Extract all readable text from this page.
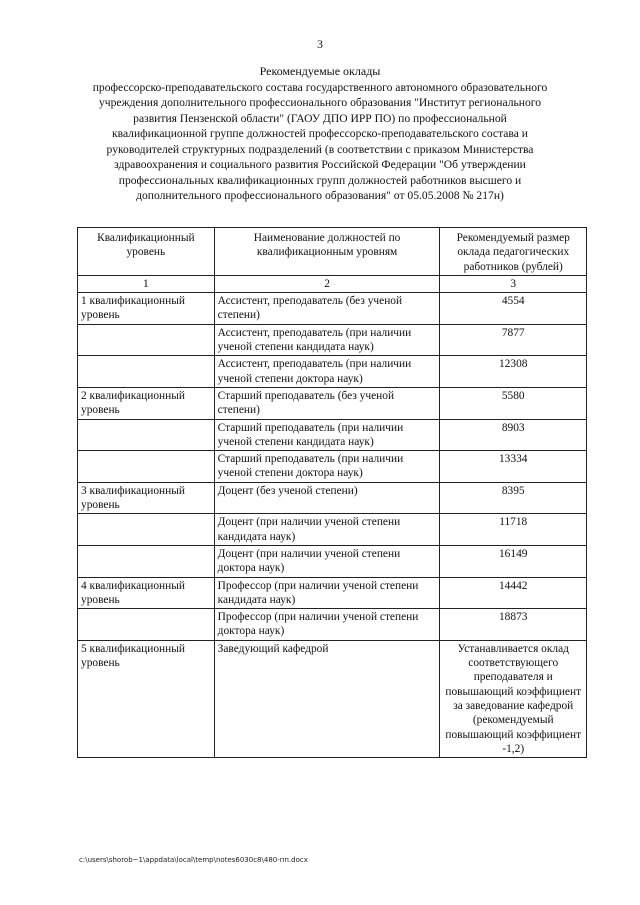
3
Рекомендуемые оклады
профессорско-преподавательского состава государственного автономного образовательного
учреждения дополнительного профессионального образования "Институт регионального
развития Пензенской области" (ГАОУ ДПО ИРР ПО) по профессиональной
квалификационной группе должностей профессорско-преподавательского состава и
руководителей структурных подразделений (в соответствии с приказом Министерства
здравоохранения и социального развития Российской Федерации "Об утверждении
профессиональных квалификационных групп должностей работников высшего и
дополнительного профессионального образования" от 05.05.2008 № 217н)
Квалификационный уровень	Наименование должностей по квалификационным уровням	Рекомендуемый размер оклада педагогических работников (рублей)
1	2	3
1 квалификационный уровень	Ассистент, преподаватель (без ученой степени)	4554
	Ассистент, преподаватель (при наличии ученой степени кандидата наук)	7877
	Ассистент, преподаватель (при наличии ученой степени доктора наук)	12308
2 квалификационный уровень	Старший преподаватель (без ученой степени)	5580
	Старший преподаватель (при наличии ученой степени кандидата наук)	8903
	Старший преподаватель (при наличии ученой степени доктора наук)	13334
3 квалификационный уровень	Доцент (без ученой степени)	8395
	Доцент (при наличии ученой степени кандидата наук)	11718
	Доцент (при наличии ученой степени доктора наук)	16149
4 квалификационный уровень	Профессор (при наличии ученой степени кандидата наук)	14442
	Профессор (при наличии ученой степени доктора наук)	18873
5 квалификационный уровень	Заведующий кафедрой	Устанавливается оклад соответствующего преподавателя и повышающий коэффициент за заведование кафедрой (рекомендуемый повышающий коэффициент -1,2)
c:\users\shorob~1\appdata\local\temp\notes6030c8\480-пп.docx
